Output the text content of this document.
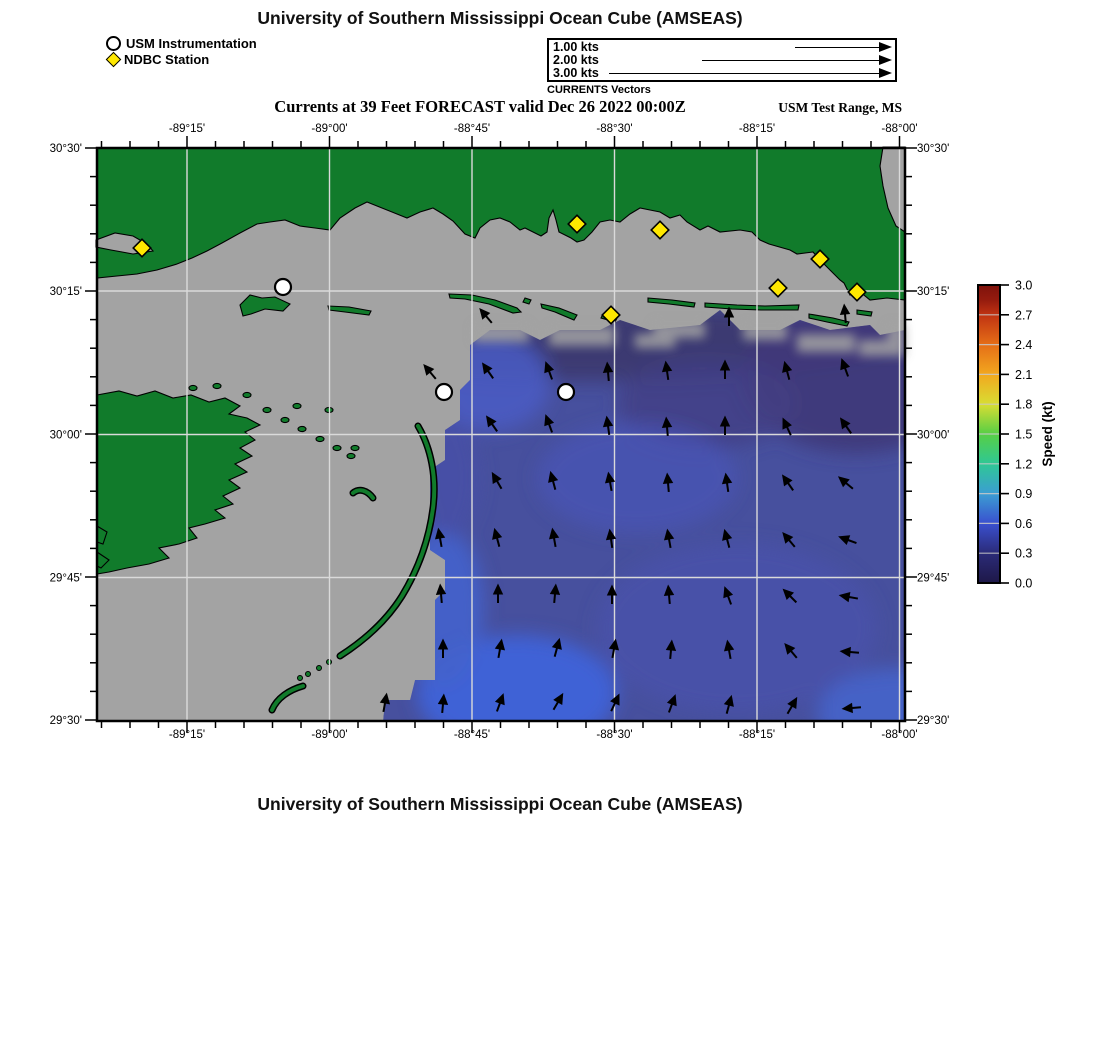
University of Southern Mississippi Ocean Cube (AMSEAS)
USM Instrumentation
NDBC Station
1.00 kts
2.00 kts
3.00 kts
CURRENTS Vectors
Currents at 39 Feet FORECAST valid Dec 26 2022 00:00Z	USM Test Range, MS
-89°15'
-89°15'
-89°00'
-89°00'
-88°45'
-88°45'
-88°30'
-88°30'
-88°15'
-88°15'
-88°00'
-88°00'
30°30'	30°30'
30°15'	30°15'
30°00'	30°00'
29°45'	29°45'
29°30'	29°30'
3.0
2.7
2.4
2.1
1.8
1.5
1.2
0.9
0.6
0.3
0.0
Speed (kt)
University of Southern Mississippi Ocean Cube (AMSEAS)
